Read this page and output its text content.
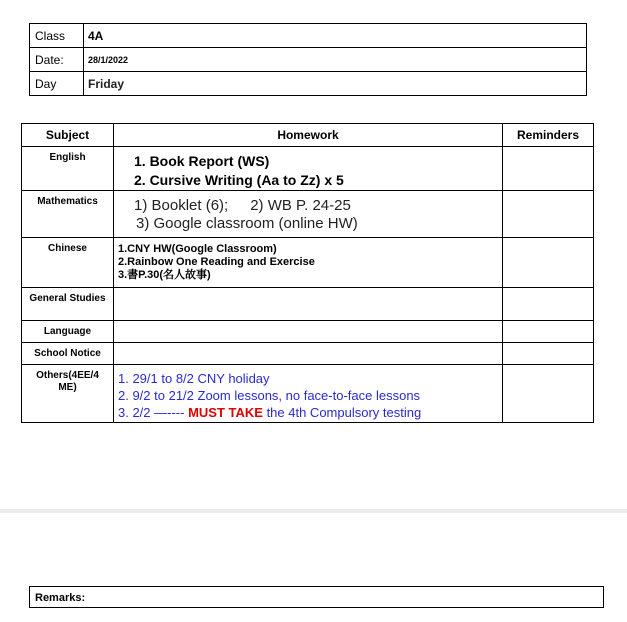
Class	4A
Date:	28/1/2022
Day	Friday
Subject	Homework	Reminders
English	1. Book Report (WS)
2. Cursive Writing (Aa to Zz) x 5	

Mathematics	1) Booklet (6); 2) WB P. 24-25
3) Google classroom (online HW)	

Chinese	1.CNY HW(Google Classroom)
2.Rainbow One Reading and Exercise
3.書P.30(名人故事)	

General Studies		
Language		
School Notice		
Others(4EE/4 ME)	1. 29/1 to 8/2 CNY holiday
2. 9/2 to 21/2 Zoom lessons, no face-to-face lessons
3. 2/2 —---- MUST TAKE the 4th Compulsory testing	

Remarks:
